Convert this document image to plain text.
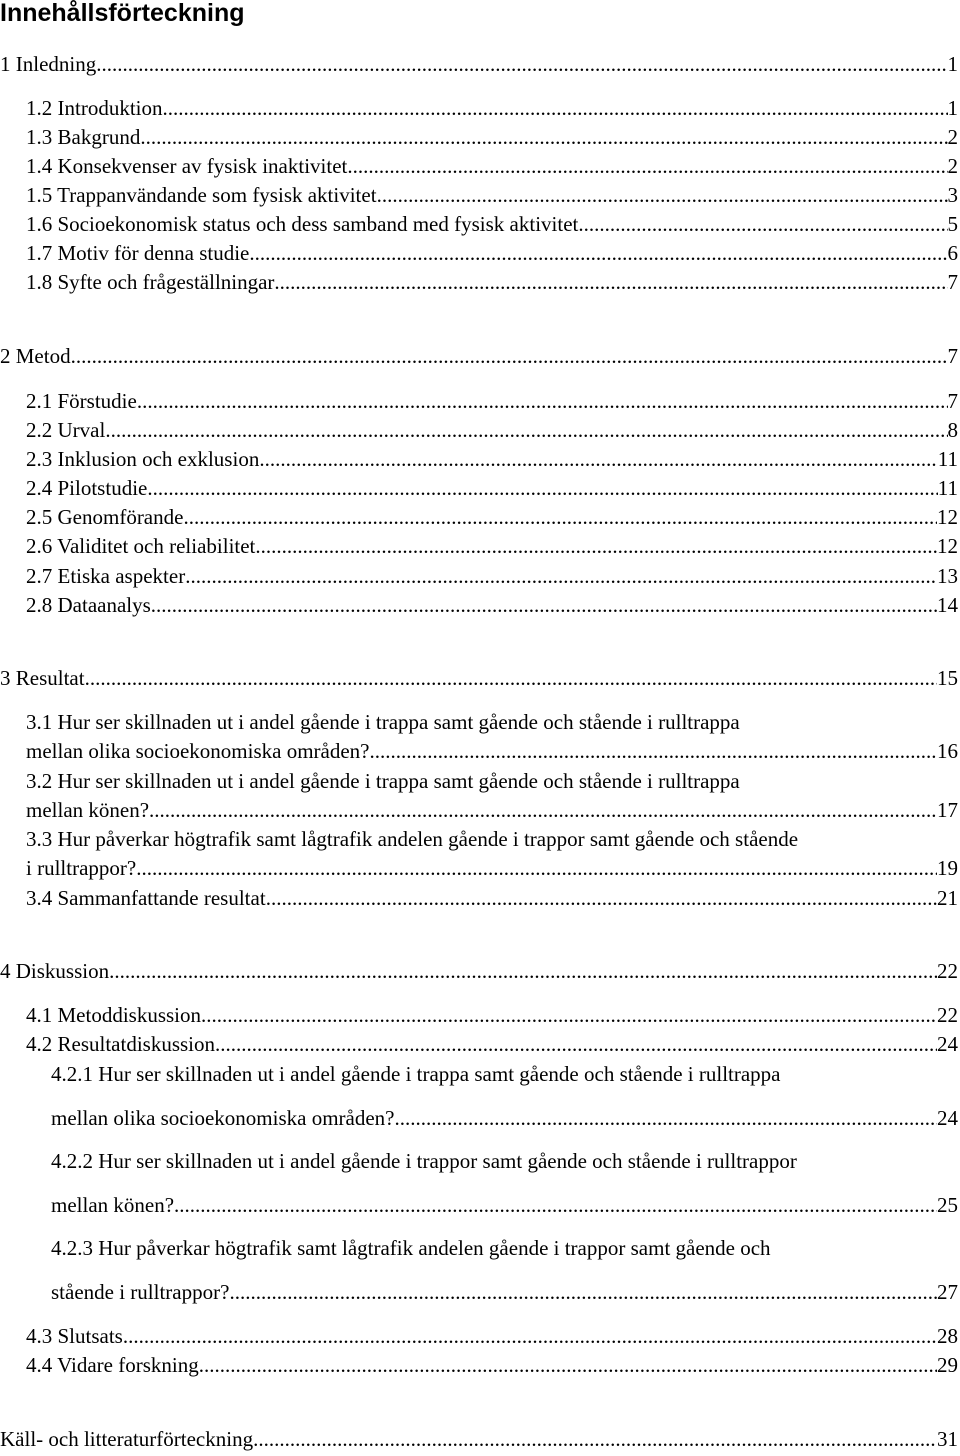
Innehållsförteckning
1 Inledning .....	1
1.2 Introduktion .....	1
1.3 Bakgrund .....	2
1.4 Konsekvenser av fysisk inaktivitet .....	2
1.5 Trappanvändande som fysisk aktivitet .....	3
1.6 Socioekonomisk status och dess samband med fysisk aktivitet .....	5
1.7 Motiv för denna studie .....	6
1.8 Syfte och frågeställningar .....	7
2 Metod .....	7
2.1 Förstudie .....	7
2.2 Urval .....	8
2.3 Inklusion och exklusion .....	11
2.4 Pilotstudie .....	11
2.5 Genomförande .....	12
2.6 Validitet och reliabilitet .....	12
2.7 Etiska aspekter .....	13
2.8 Dataanalys .....	14
3 Resultat .....	15
3.1 Hur ser skillnaden ut i andel gående i trappa samt gående och stående i rulltrappa
mellan olika socioekonomiska områden? .....	16
3.2 Hur ser skillnaden ut i andel gående i trappa samt gående och stående i rulltrappa
mellan könen? .....	17
3.3 Hur påverkar högtrafik samt lågtrafik andelen gående i trappor samt gående och stående
i rulltrappor? .....	19
3.4 Sammanfattande resultat .....	21
4 Diskussion .....	22
4.1 Metoddiskussion .....	22
4.2 Resultatdiskussion .....	24
4.2.1 Hur ser skillnaden ut i andel gående i trappa samt gående och stående i rulltrappa
mellan olika socioekonomiska områden? .....	24
4.2.2 Hur ser skillnaden ut i andel gående i trappor samt gående och stående i rulltrappor
mellan könen? .....	25
4.2.3 Hur påverkar högtrafik samt lågtrafik andelen gående i trappor samt gående och
stående i rulltrappor? .....	27
4.3 Slutsats .....	28
4.4 Vidare forskning .....	29
Käll- och litteraturförteckning .....	31
